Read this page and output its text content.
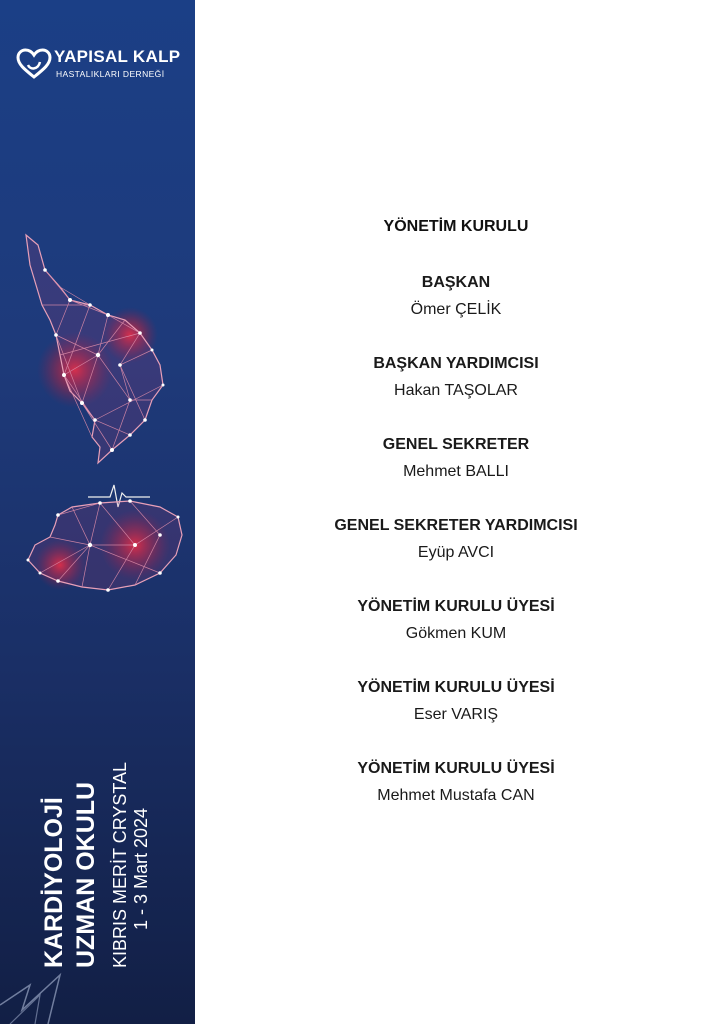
YAPISAL KALP
HASTALIKLARI DERNEĞİ
KARDİYOLOJİ UZMAN OKULU KIBRIS MERİT CRYSTAL 1 - 3 Mart 2024
YÖNETİM KURULU
BAŞKAN
Ömer ÇELİK
BAŞKAN YARDIMCISI
Hakan TAŞOLAR
GENEL SEKRETER
Mehmet BALLI
GENEL SEKRETER YARDIMCISI
Eyüp AVCI
YÖNETİM KURULU ÜYESİ
Gökmen KUM
YÖNETİM KURULU ÜYESİ
Eser VARIŞ
YÖNETİM KURULU ÜYESİ
Mehmet Mustafa CAN
